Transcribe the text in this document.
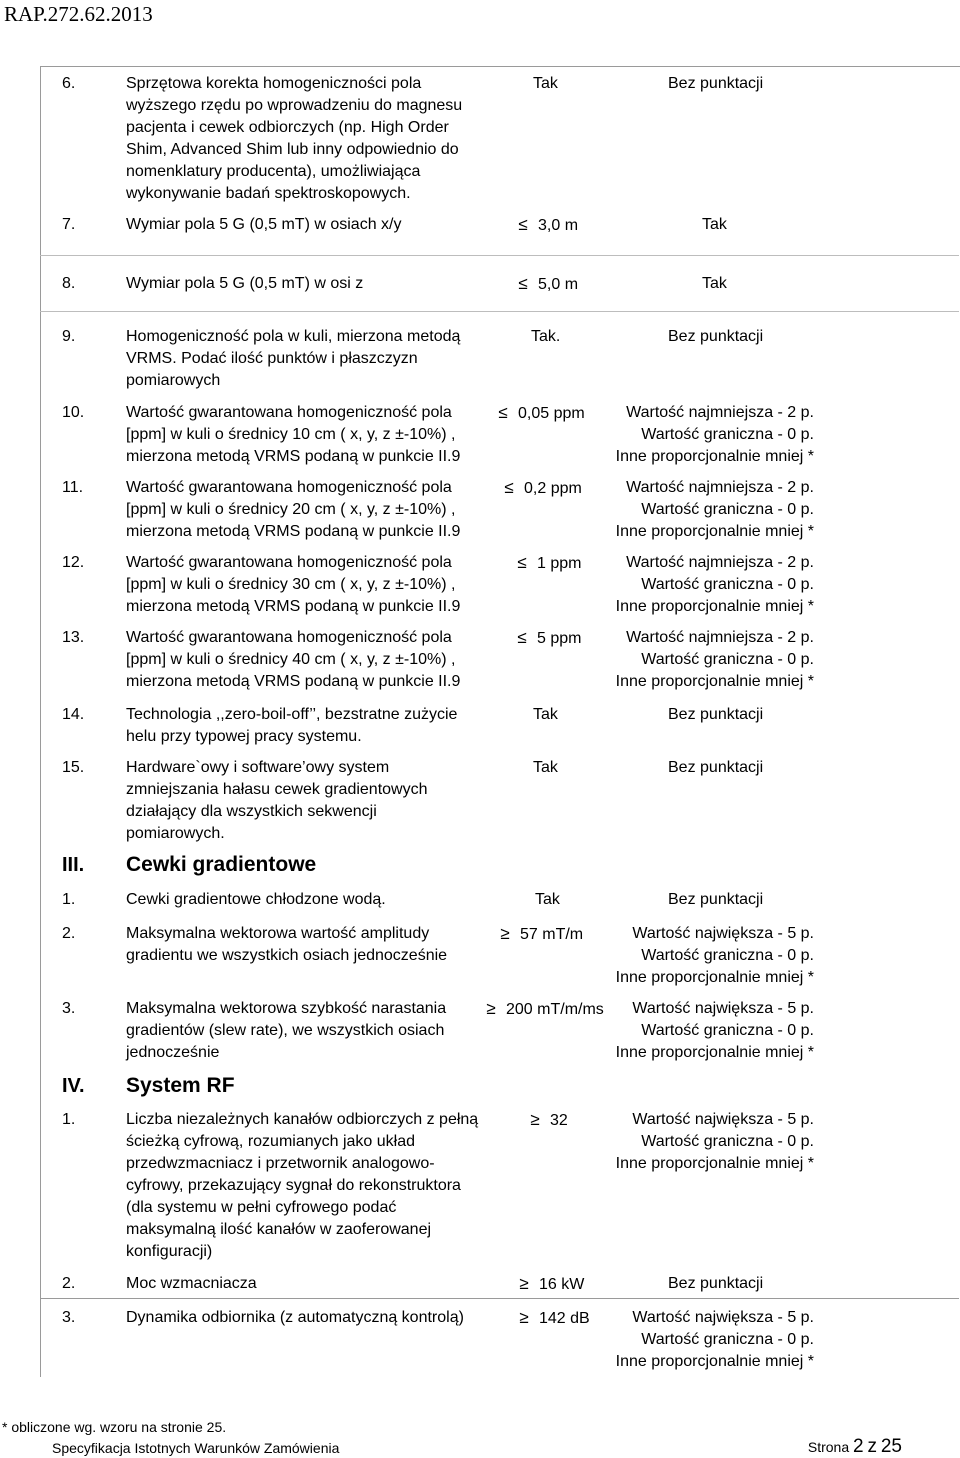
RAP.272.62.2013
6.	Sprzętowa korekta homogeniczności pola
wyższego rzędu po wprowadzeniu do magnesu
pacjenta i cewek odbiorczych (np. High Order
Shim, Advanced Shim lub inny odpowiednio do
nomenklatury producenta), umożliwiająca
wykonywanie badań spektroskopowych.
Tak	Bez punktacji
7.	Wymiar pola 5 G (0,5 mT) w osiach x/y	≤ 3,0 m	Tak
8.	Wymiar pola 5 G (0,5 mT) w osi z	≤ 5,0 m	Tak
9.	Homogeniczność pola w kuli, mierzona metodą
VRMS. Podać ilość punktów i płaszczyzn
pomiarowych
Tak.	Bez punktacji
10.	Wartość gwarantowana homogeniczność pola
[ppm] w kuli o średnicy 10 cm ( x, y, z ±-10%) ,
mierzona metodą VRMS podaną w punkcie II.9
≤ 0,05 ppm	Wartość najmniejsza - 2 p.
Wartość graniczna - 0 p.
Inne proporcjonalnie mniej *
11.	Wartość gwarantowana homogeniczność pola
[ppm] w kuli o średnicy 20 cm ( x, y, z ±-10%) ,
mierzona metodą VRMS podaną w punkcie II.9
≤ 0,2 ppm	Wartość najmniejsza - 2 p.
Wartość graniczna - 0 p.
Inne proporcjonalnie mniej *
12.	Wartość gwarantowana homogeniczność pola
[ppm] w kuli o średnicy 30 cm ( x, y, z ±-10%) ,
mierzona metodą VRMS podaną w punkcie II.9
≤ 1 ppm	Wartość najmniejsza - 2 p.
Wartość graniczna - 0 p.
Inne proporcjonalnie mniej *
13.	Wartość gwarantowana homogeniczność pola
[ppm] w kuli o średnicy 40 cm ( x, y, z ±-10%) ,
mierzona metodą VRMS podaną w punkcie II.9
≤ 5 ppm	Wartość najmniejsza - 2 p.
Wartość graniczna - 0 p.
Inne proporcjonalnie mniej *
14.	Technologia ,,zero-boil-off’’, bezstratne zużycie
helu przy typowej pracy systemu.
Tak	Bez punktacji
15.	Hardware`owy i software’owy system
zmniejszania hałasu cewek gradientowych
działający dla wszystkich sekwencji
pomiarowych.
Tak	Bez punktacji
III. Cewki gradientowe
1.	Cewki gradientowe chłodzone wodą.	Tak	Bez punktacji
2.	Maksymalna wektorowa wartość amplitudy
gradientu we wszystkich osiach jednocześnie
≥ 57 mT/m	Wartość największa - 5 p.
Wartość graniczna - 0 p.
Inne proporcjonalnie mniej *
3.	Maksymalna wektorowa szybkość narastania
gradientów (slew rate), we wszystkich osiach
jednocześnie
≥ 200 mT/m/ms	Wartość największa - 5 p.
Wartość graniczna - 0 p.
Inne proporcjonalnie mniej *
IV. System RF
1.	Liczba niezależnych kanałów odbiorczych z pełną
ścieżką cyfrową, rozumianych jako układ
przedwzmacniacz i przetwornik analogowo-
cyfrowy, przekazujący sygnał do rekonstruktora
(dla systemu w pełni cyfrowego podać
maksymalną ilość kanałów w zaoferowanej
konfiguracji)
≥ 32	Wartość największa - 5 p.
Wartość graniczna - 0 p.
Inne proporcjonalnie mniej *
2.	Moc wzmacniacza	≥ 16 kW	Bez punktacji
3.	Dynamika odbiornika (z automatyczną kontrolą)	≥ 142 dB	Wartość największa - 5 p.
Wartość graniczna - 0 p.
Inne proporcjonalnie mniej *
* obliczone wg. wzoru na stronie 25.
Specyfikacja Istotnych Warunków Zamówienia	Strona 2 z 25
